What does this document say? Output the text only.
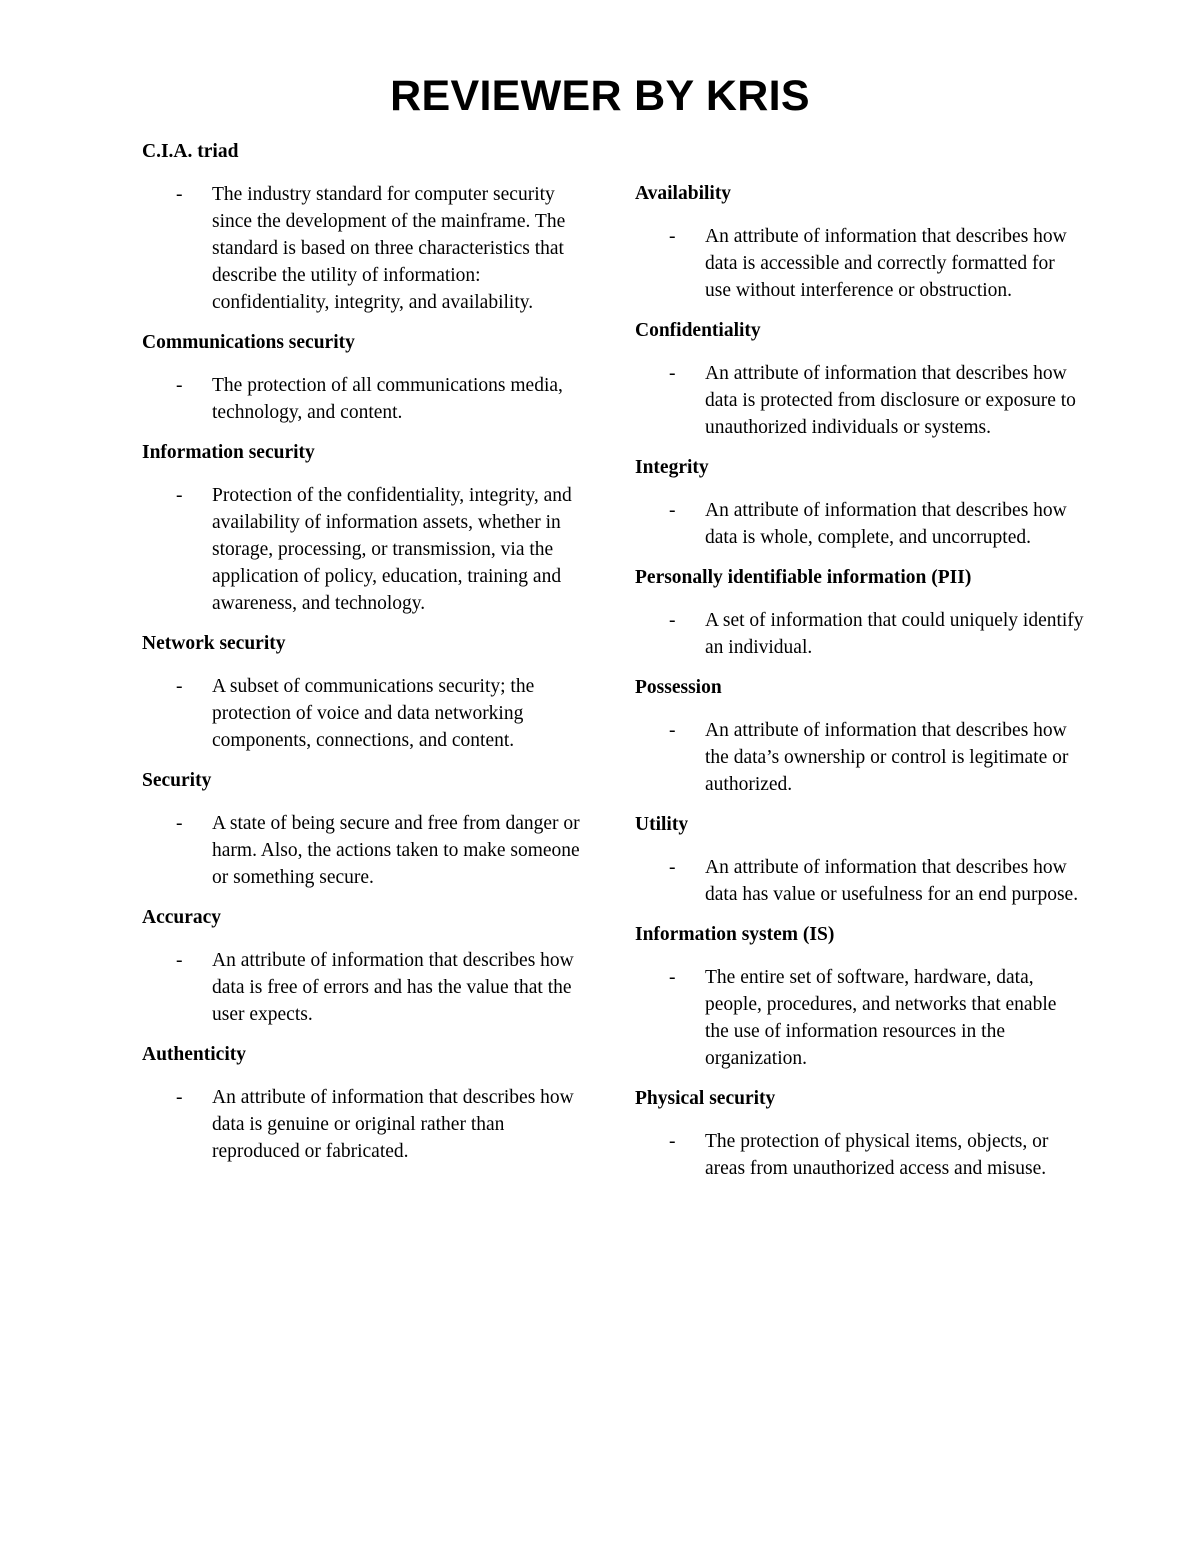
REVIEWER BY KRIS
C.I.A. triad
- The industry standard for computer security since the development of the mainframe. The standard is based on three characteristics that describe the utility of information: confidentiality, integrity, and availability.
Communications security
- The protection of all communications media, technology, and content.
Information security
- Protection of the confidentiality, integrity, and availability of information assets, whether in storage, processing, or transmission, via the application of policy, education, training and awareness, and technology.
Network security
- A subset of communications security; the protection of voice and data networking components, connections, and content.
Security
- A state of being secure and free from danger or harm. Also, the actions taken to make someone or something secure.
Accuracy
- An attribute of information that describes how data is free of errors and has the value that the user expects.
Authenticity
- An attribute of information that describes how data is genuine or original rather than reproduced or fabricated.
Availability
- An attribute of information that describes how data is accessible and correctly formatted for use without interference or obstruction.
Confidentiality
- An attribute of information that describes how data is protected from disclosure or exposure to unauthorized individuals or systems.
Integrity
- An attribute of information that describes how data is whole, complete, and uncorrupted.
Personally identifiable information (PII)
- A set of information that could uniquely identify an individual.
Possession
- An attribute of information that describes how the data’s ownership or control is legitimate or authorized.
Utility
- An attribute of information that describes how data has value or usefulness for an end purpose.
Information system (IS)
- The entire set of software, hardware, data, people, procedures, and networks that enable the use of information resources in the organization.
Physical security
- The protection of physical items, objects, or areas from unauthorized access and misuse.
